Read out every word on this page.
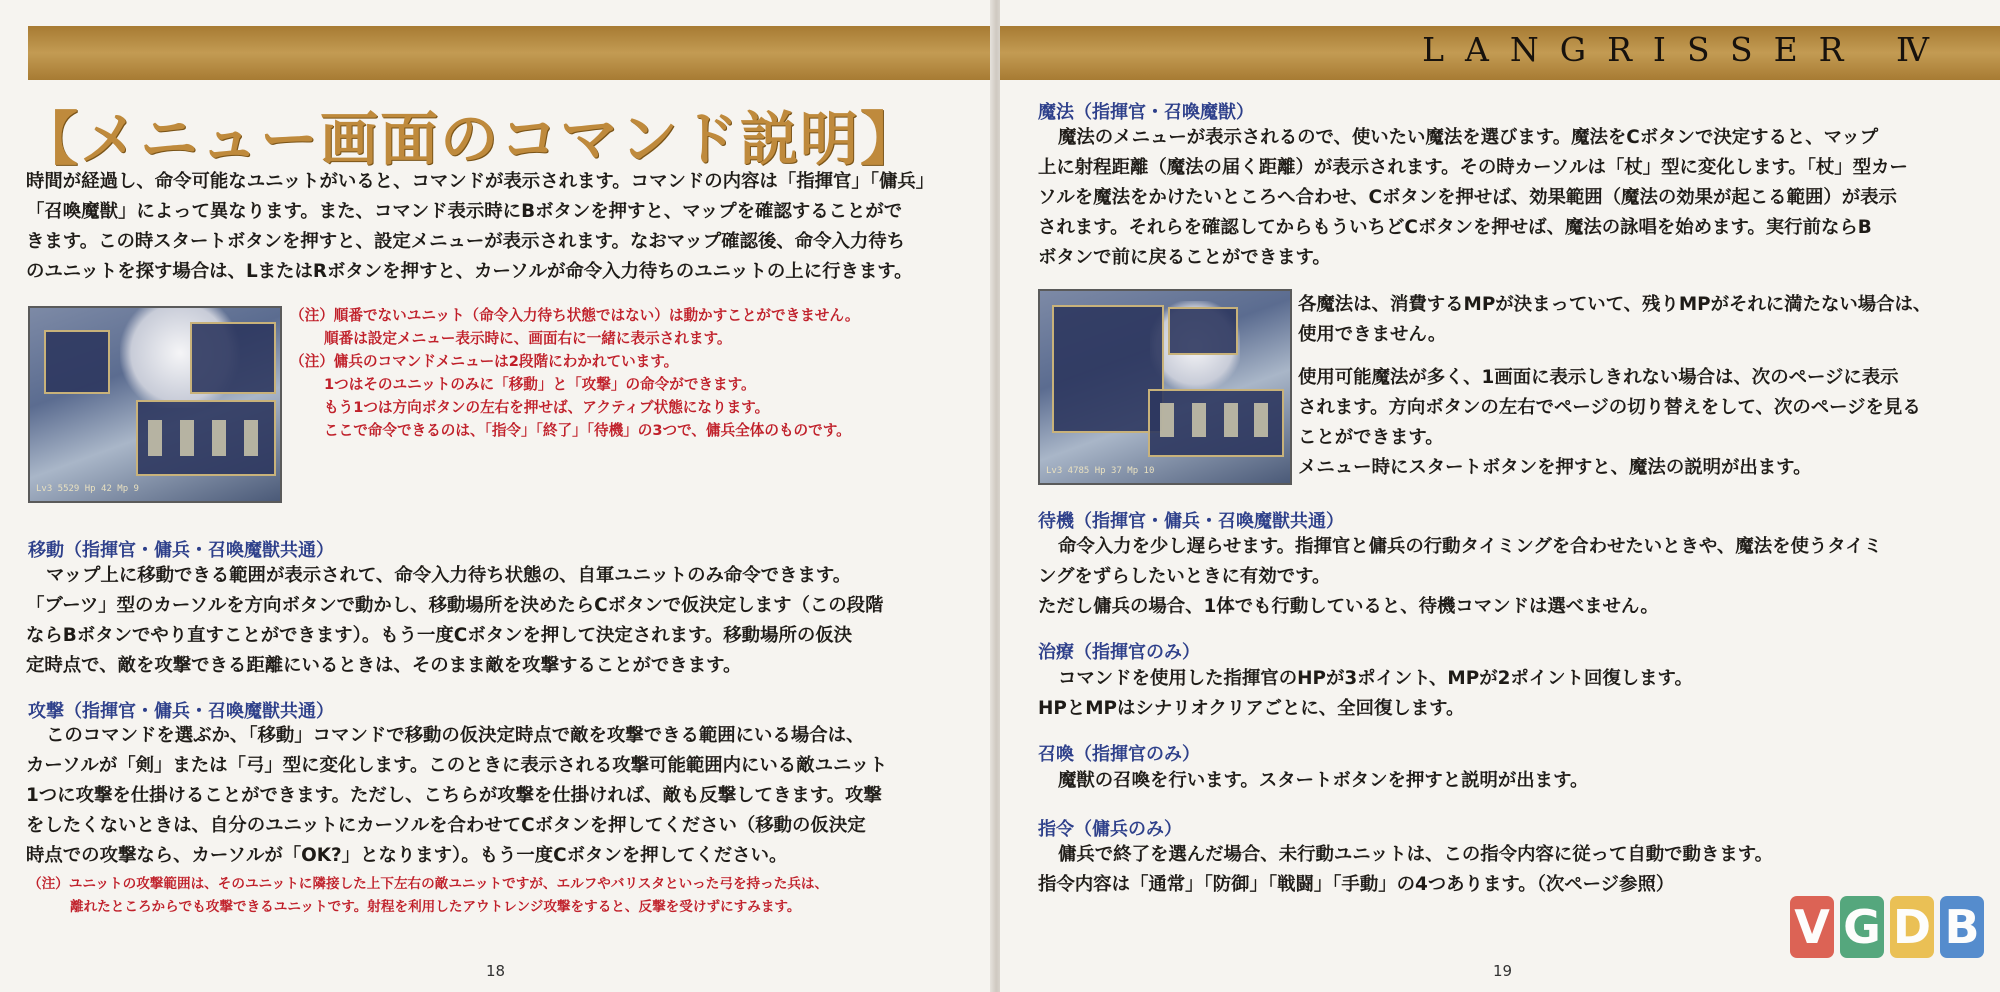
【メニュー画面のコマンド説明】

時間が経過し、命令可能なユニットがいると、コマンドが表示されます。コマンドの内容は「指揮官」「傭兵」
「召喚魔獣」によって異なります。また、コマンド表示時にBボタンを押すと、マップを確認することがで
きます。この時スタートボタンを押すと、設定メニューが表示されます。なおマップ確認後、命令入力待ち
のユニットを探す場合は、LまたはRボタンを押すと、カーソルが命令入力待ちのユニットの上に行きます。

Lv3 5529 Hp 42 Mp 9

（注）順番でないユニット（命令入力待ち状態ではない）は動かすことができません。
順番は設定メニュー表示時に、画面右に一緒に表示されます。
（注）傭兵のコマンドメニューは2段階にわかれています。
1つはそのユニットのみに「移動」と「攻撃」の命令ができます。
もう1つは方向ボタンの左右を押せば、アクティブ状態になります。
ここで命令できるのは、「指令」「終了」「待機」の3つで、傭兵全体のものです。

移動（指揮官・傭兵・召喚魔獣共通）

マップ上に移動できる範囲が表示されて、命令入力待ち状態の、自軍ユニットのみ命令できます。
「ブーツ」型のカーソルを方向ボタンで動かし、移動場所を決めたらCボタンで仮決定します（この段階
ならBボタンでやり直すことができます）。もう一度Cボタンを押して決定されます。移動場所の仮決
定時点で、敵を攻撃できる距離にいるときは、そのまま敵を攻撃することができます。

攻撃（指揮官・傭兵・召喚魔獣共通）

このコマンドを選ぶか、「移動」コマンドで移動の仮決定時点で敵を攻撃できる範囲にいる場合は、
カーソルが「剣」または「弓」型に変化します。このときに表示される攻撃可能範囲内にいる敵ユニット
1つに攻撃を仕掛けることができます。ただし、こちらが攻撃を仕掛ければ、敵も反撃してきます。攻撃
をしたくないときは、自分のユニットにカーソルを合わせてCボタンを押してください（移動の仮決定
時点での攻撃なら、カーソルが「OK?」となります）。もう一度Cボタンを押してください。

（注）ユニットの攻撃範囲は、そのユニットに隣接した上下左右の敵ユニットですが、エルフやバリスタといった弓を持った兵は、
離れたところからでも攻撃できるユニットです。射程を利用したアウトレンジ攻撃をすると、反撃を受けずにすみます。

18
LANGRISSER Ⅳ
魔法（指揮官・召喚魔獣）

魔法のメニューが表示されるので、使いたい魔法を選びます。魔法をCボタンで決定すると、マップ
上に射程距離（魔法の届く距離）が表示されます。その時カーソルは「杖」型に変化します。「杖」型カー
ソルを魔法をかけたいところへ合わせ、Cボタンを押せば、効果範囲（魔法の効果が起こる範囲）が表示
されます。それらを確認してからもういちどCボタンを押せば、魔法の詠唱を始めます。実行前ならB
ボタンで前に戻ることができます。

Lv3 4785 Hp 37 Mp 10

各魔法は、消費するMPが決まっていて、残りMPがそれに満たない場合は、
使用できません。

使用可能魔法が多く、1画面に表示しきれない場合は、次のページに表示
されます。方向ボタンの左右でページの切り替えをして、次のページを見る
ことができます。
メニュー時にスタートボタンを押すと、魔法の説明が出ます。

待機（指揮官・傭兵・召喚魔獣共通）

命令入力を少し遅らせます。指揮官と傭兵の行動タイミングを合わせたいときや、魔法を使うタイミ
ングをずらしたいときに有効です。
ただし傭兵の場合、1体でも行動していると、待機コマンドは選べません。

治療（指揮官のみ）

コマンドを使用した指揮官のHPが3ポイント、MPが2ポイント回復します。
HPとMPはシナリオクリアごとに、全回復します。

召喚（指揮官のみ）

魔獣の召喚を行います。スタートボタンを押すと説明が出ます。

指令（傭兵のみ）

傭兵で終了を選んだ場合、未行動ユニットは、この指令内容に従って自動で動きます。
指令内容は「通常」「防御」「戦闘」「手動」の4つあります。（次ページ参照）

19
V G D B
